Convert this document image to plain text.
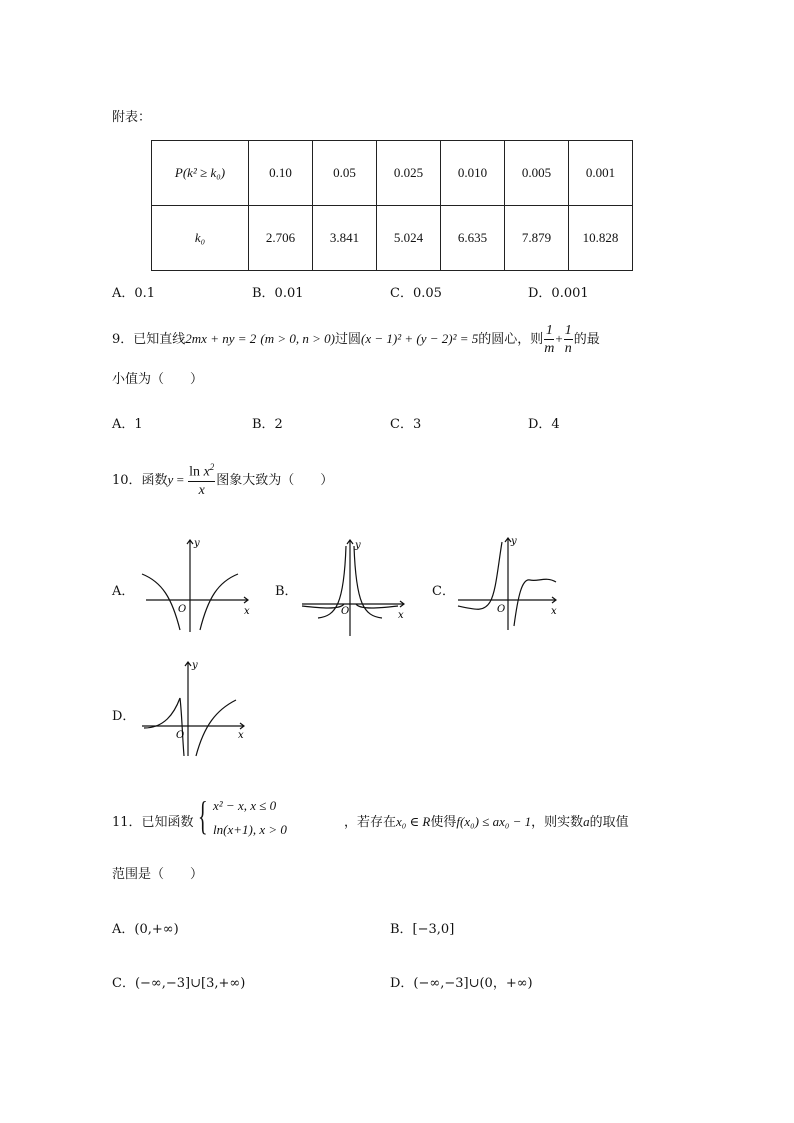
附表：
P(k² ≥ k₀)	0.10	0.05	0.025	0.010	0.005	0.001
k₀	2.706	3.841	5.024	6.635	7.879	10.828
A．0.1	B．0.01	C．0.05	D．0.001
9．已知直线2mx + ny = 2 (m > 0, n > 0)过圆(x − 1)² + (y − 2)² = 5的圆心，则 $\frac{1}{m} + \frac{1}{n}$ 的最
小值为（　　）
A．1	B．2	C．3	D．4
10．函数$y = \frac{\ln x^2}{x}$ 图象大致为（　　）
A．	B．	C．
D．
y
x
O
y
x
O
y
x
O
y
x
O
11．已知函数 { x² − x, x ≤ 0
ln(x+1), x > 0	，若存在x₀ ∈ R使得f(x₀) ≤ ax₀ − 1，则实数a的取值
范围是（　　）
A．(0,+∞)	B．[−3,0]
C．(−∞,−3]∪[3,+∞)	D．(−∞,−3]∪(0，+∞)
